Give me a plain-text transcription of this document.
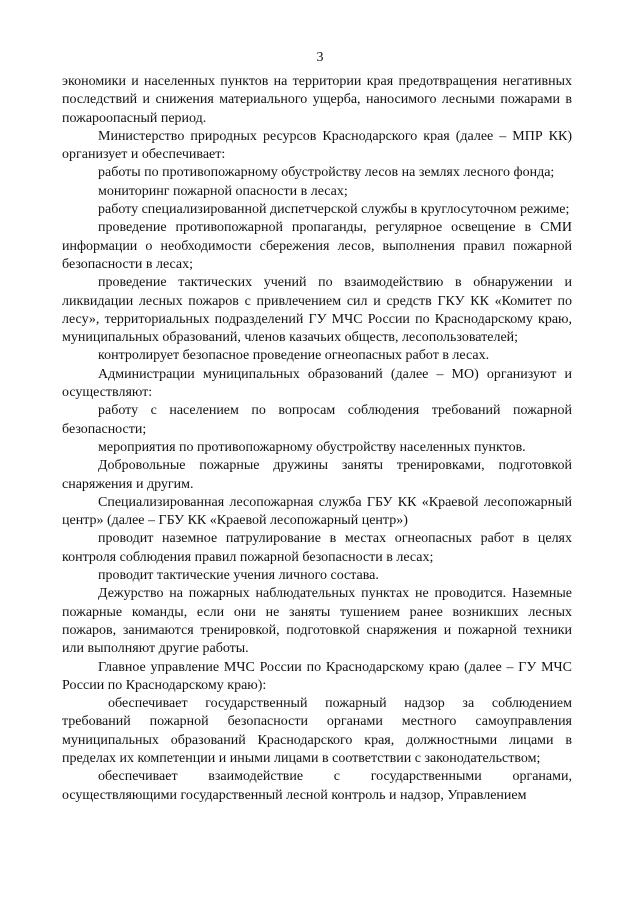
3

экономики и населенных пунктов на территории края предотвращения негативных последствий и снижения материального ущерба, наносимого лесными пожарами в пожароопасный период.

Министерство природных ресурсов Краснодарского края (далее – МПР КК) организует и обеспечивает:

работы по противопожарному обустройству лесов на землях лесного фонда;

мониторинг пожарной опасности в лесах;

работу специализированной диспетчерской службы в круглосуточном режиме;

проведение противопожарной пропаганды, регулярное освещение в СМИ информации о необходимости сбережения лесов, выполнения правил пожарной безопасности в лесах;

проведение тактических учений по взаимодействию в обнаружении и ликвидации лесных пожаров с привлечением сил и средств ГКУ КК «Комитет по лесу», территориальных подразделений ГУ МЧС России по Краснодарскому краю, муниципальных образований, членов казачьих обществ, лесопользователей;

контролирует безопасное проведение огнеопасных работ в лесах.

Администрации муниципальных образований (далее – МО) организуют и осуществляют:

работу с населением по вопросам соблюдения требований пожарной безопасности;

мероприятия по противопожарному обустройству населенных пунктов.

Добровольные пожарные дружины заняты тренировками, подготовкой снаряжения и другим.

Специализированная лесопожарная служба ГБУ КК «Краевой лесопожарный центр» (далее – ГБУ КК «Краевой лесопожарный центр»)

проводит наземное патрулирование в местах огнеопасных работ в целях контроля соблюдения правил пожарной безопасности в лесах;

проводит тактические учения личного состава.

Дежурство на пожарных наблюдательных пунктах не проводится. Наземные пожарные команды, если они не заняты тушением ранее возникших лесных пожаров, занимаются тренировкой, подготовкой снаряжения и пожарной техники или выполняют другие работы.

Главное управление МЧС России по Краснодарскому краю (далее – ГУ МЧС России по Краснодарскому краю):

обеспечивает государственный пожарный надзор за соблюдением требований пожарной безопасности органами местного самоуправления муниципальных образований Краснодарского края, должностными лицами в пределах их компетенции и иными лицами в соответствии с законодательством;

обеспечивает взаимодействие с государственными органами, осуществляющими государственный лесной контроль и надзор, Управлением
